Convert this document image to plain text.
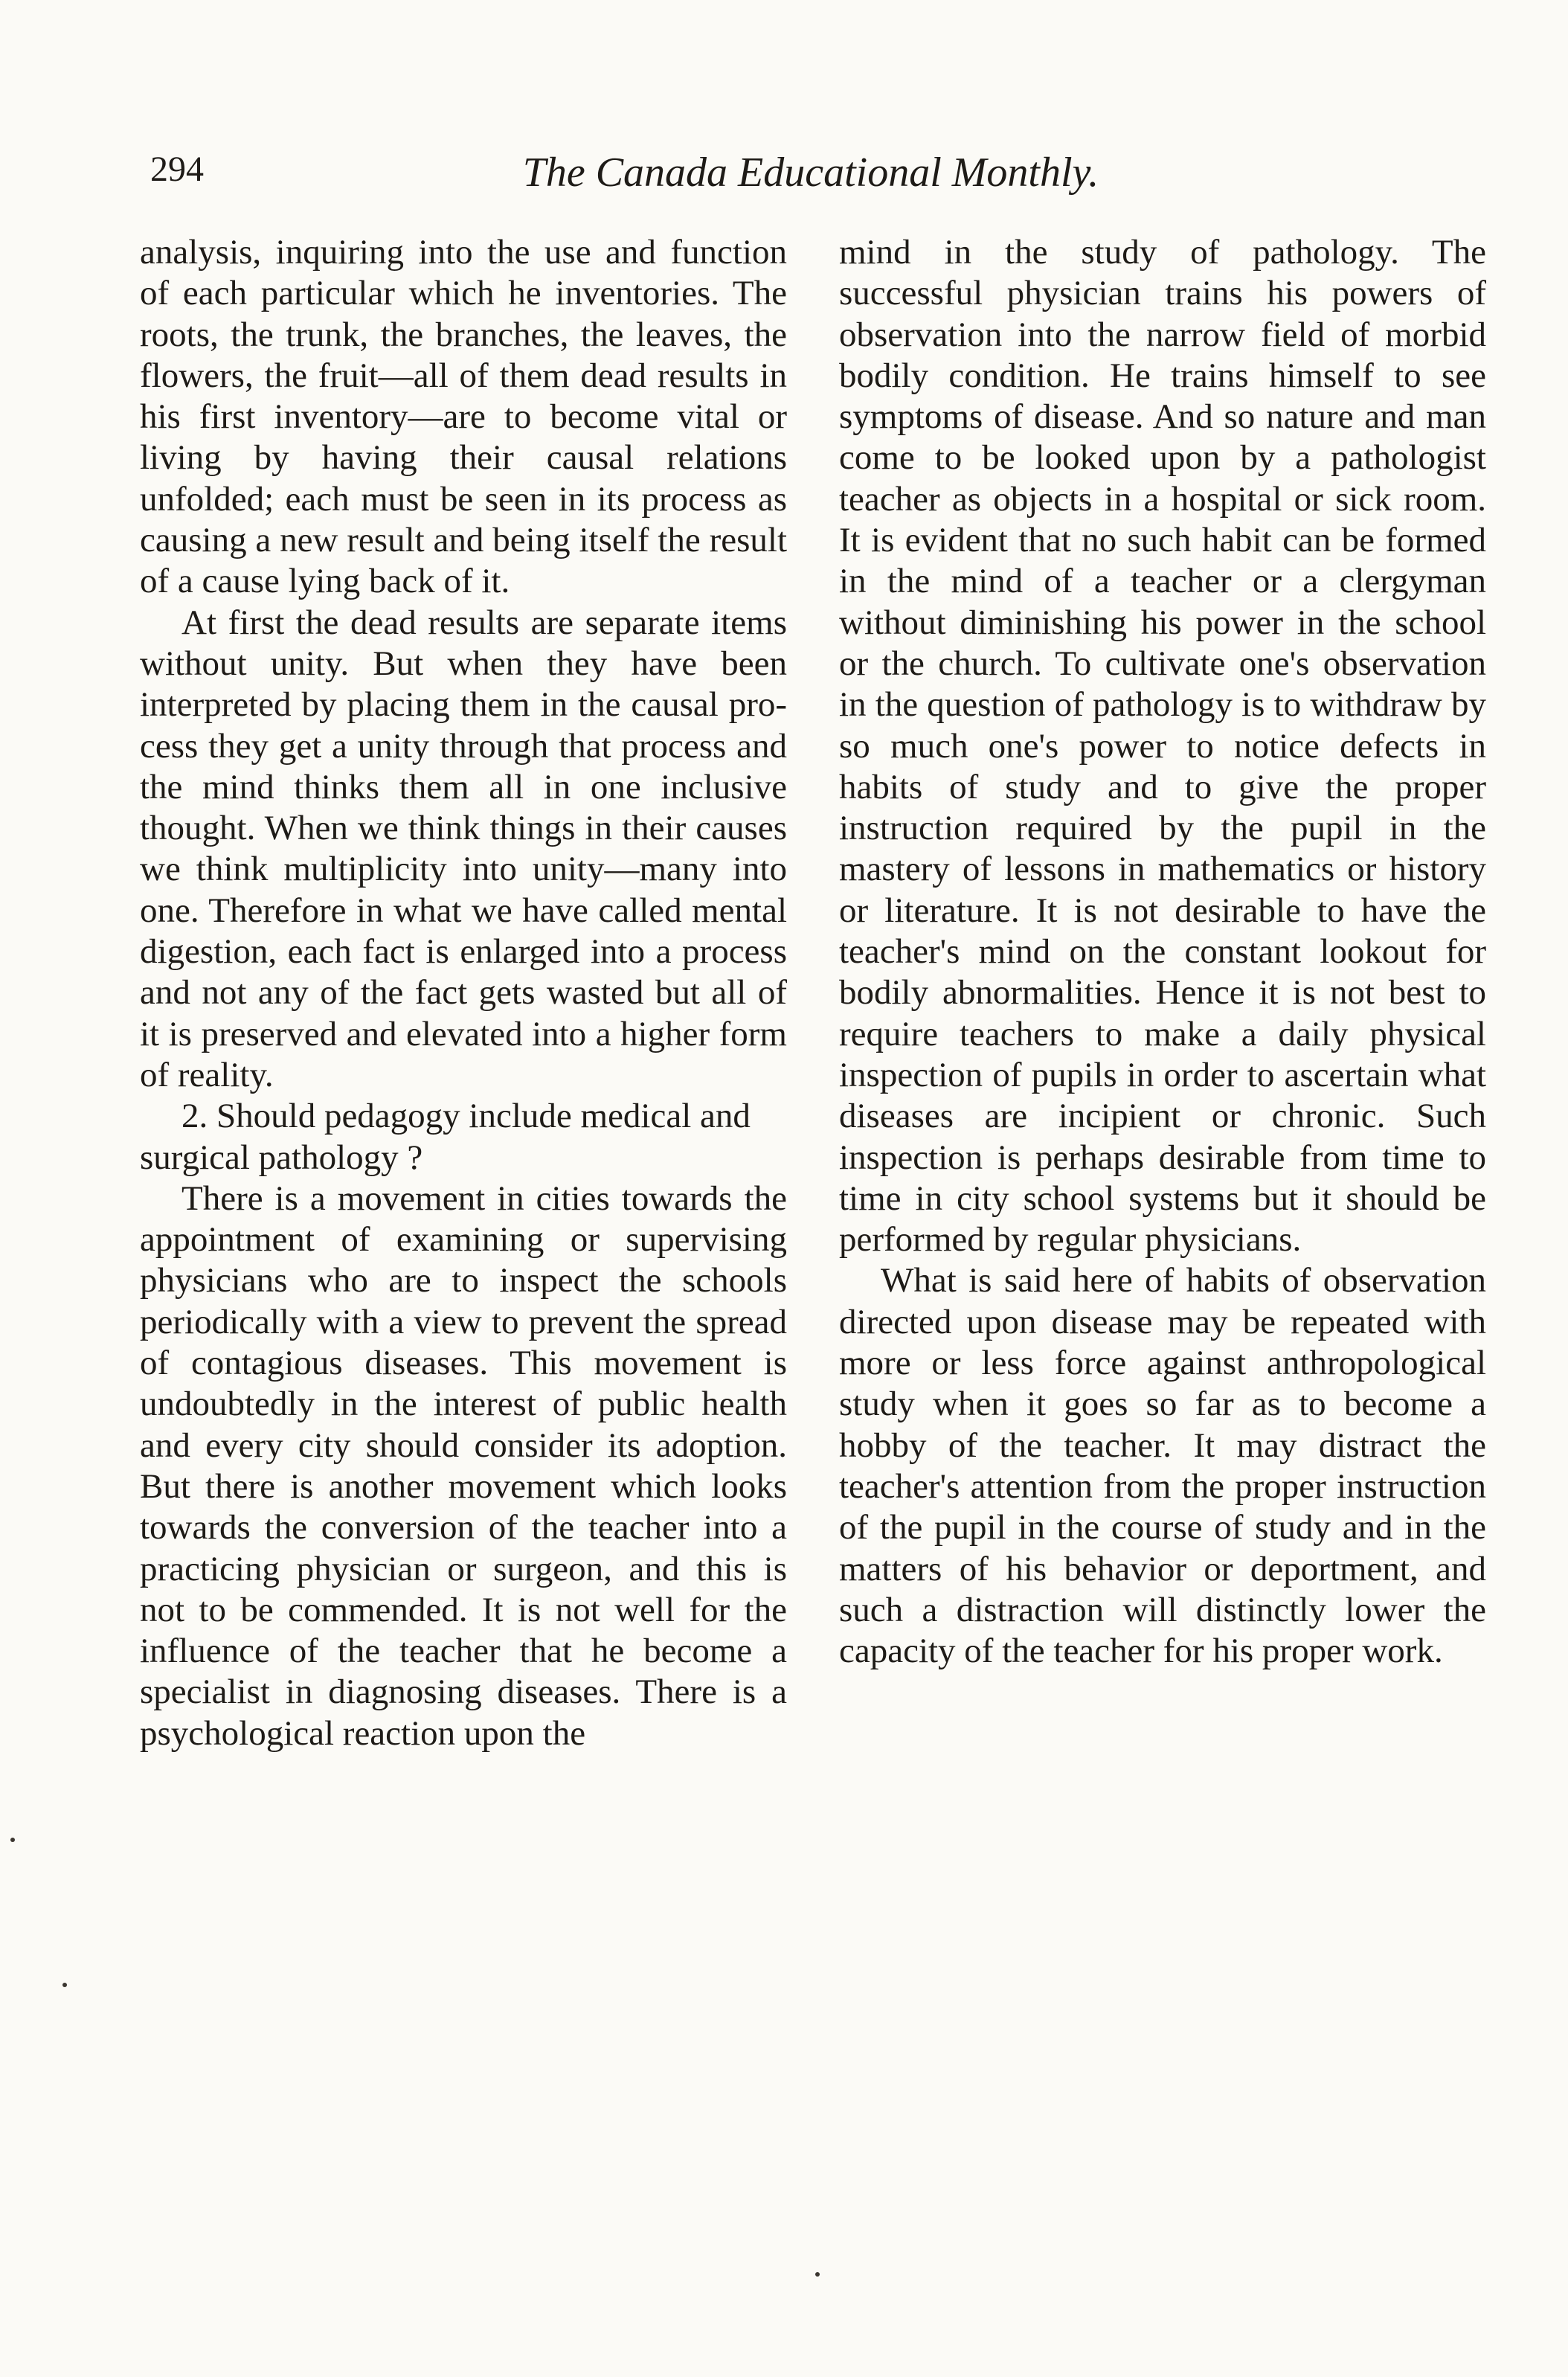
294	The Canada Educational Monthly.

analysis, inquiring into the use and function of each particular which he inventories. The roots, the trunk, the branches, the leaves, the flowers, the fruit—all of them dead results in his first inventory—are to become vital or living by having their causal relations unfolded; each must be seen in its process as causing a new result and being itself the result of a cause lying back of it.

At first the dead results are separate items without unity. But when they have been interpreted by placing them in the causal process they get a unity through that process and the mind thinks them all in one inclusive thought. When we think things in their causes we think multiplicity into unity—many into one. Therefore in what we have called mental digestion, each fact is enlarged into a process and not any of the fact gets wasted but all of it is preserved and elevated into a higher form of reality.

2. Should pedagogy include medical and surgical pathology ?

There is a movement in cities towards the appointment of examining or supervising physicians who are to inspect the schools periodically with a view to prevent the spread of contagious diseases. This movement is undoubtedly in the interest of public health and every city should consider its adoption. But there is another movement which looks towards the conversion of the teacher into a practicing physician or surgeon, and this is not to be commended. It is not well for the influence of the teacher that he become a specialist in diagnosing diseases. There is a psychological reaction upon the

mind in the study of pathology. The successful physician trains his powers of observation into the narrow field of morbid bodily condition. He trains himself to see symptoms of disease. And so nature and man come to be looked upon by a pathologist teacher as objects in a hospital or sick room. It is evident that no such habit can be formed in the mind of a teacher or a clergyman without diminishing his power in the school or the church. To cultivate one's observation in the question of pathology is to withdraw by so much one's power to notice defects in habits of study and to give the proper instruction required by the pupil in the mastery of lessons in mathematics or history or literature. It is not desirable to have the teacher's mind on the constant lookout for bodily abnormalities. Hence it is not best to require teachers to make a daily physical inspection of pupils in order to ascertain what diseases are incipient or chronic. Such inspection is perhaps desirable from time to time in city school systems but it should be performed by regular physicians.

What is said here of habits of observation directed upon disease may be repeated with more or less force against anthropological study when it goes so far as to become a hobby of the teacher. It may distract the teacher's attention from the proper instruction of the pupil in the course of study and in the matters of his behavior or deportment, and such a distraction will distinctly lower the capacity of the teacher for his proper work.
